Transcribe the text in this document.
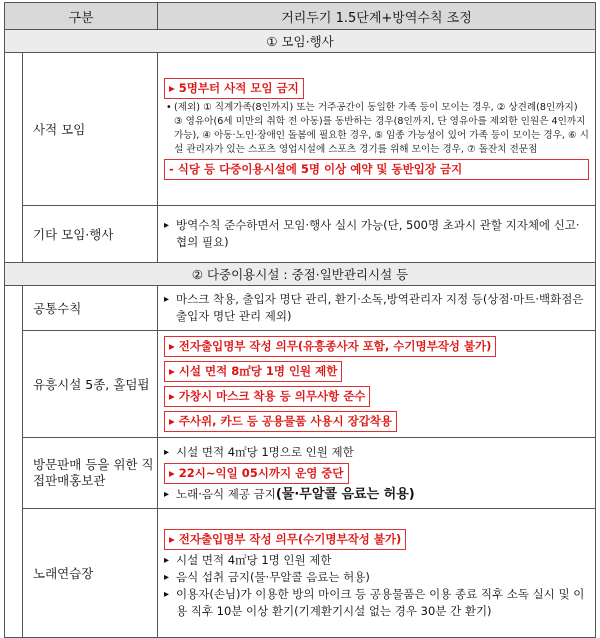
구분		거리두기 1.5단계+방역수칙 조정
① 모임·행사		
	사적 모임	▸ 5명부터 사적 모임 금지
• (제외) ① 직계가족(8인까지) 또는 거주공간이 동일한 가족 등이 모이는 경우, ② 상견례(8인까지) ③ 영유아(6세 미만의 취학 전 아동)를 동반하는 경우(8인까지, 단 영유아를 제외한 인원은 4인까지 가능), ④ 아동·노인·장애인 돌봄에 필요한 경우, ⑤ 임종 가능성이 있어 가족 등이 모이는 경우, ⑥ 시설 관리자가 있는 스포츠 영업시설에 스포츠 경기를 위해 모이는 경우, ⑦ 돌잔치 전문점
- 식당 등 다중이용시설에 5명 이상 예약 및 동반입장 금지

	기타 모임·행사	▸ 방역수칙 준수하면서 모임·행사 실시 가능(단, 500명 초과시 관할 지자체에 신고·협의 필요)

② 다중이용시설 : 중점·일반관리시설 등		
	공통수칙	▸ 마스크 착용, 출입자 명단 관리, 환기·소독,방역관리자 지정 등(상점·마트·백화점은 출입자 명단 관리 제외)

	유흥시설 5종, 홀덤펍	▸ 전자출입명부 작성 의무(유흥종사자 포함, 수기명부작성 불가)
▸ 시설 면적 8㎡당 1명 인원 제한
▸ 가창시 마스크 착용 등 의무사항 준수
▸ 주사위, 카드 등 공용물품 사용시 장갑착용
	방문판매 등을 위한 직접판매홍보관	▸ 시설 면적 4㎡당 1명으로 인원 제한
▸ 22시~익일 05시까지 운영 중단
▸ 노래·음식 제공 금지(물·무알콜 음료는 허용)

	노래연습장	▸ 전자출입명부 작성 의무(수기명부작성 불가)
▸ 시설 면적 4㎡당 1명 인원 제한
▸ 음식 섭취 금지(물·무알콜 음료는 허용)
▸ 이용자(손님)가 이용한 방의 마이크 등 공용물품은 이용 종료 직후 소독 실시 및 이용 직후 10분 이상 환기(기계환기시설 없는 경우 30분 간 환기)
